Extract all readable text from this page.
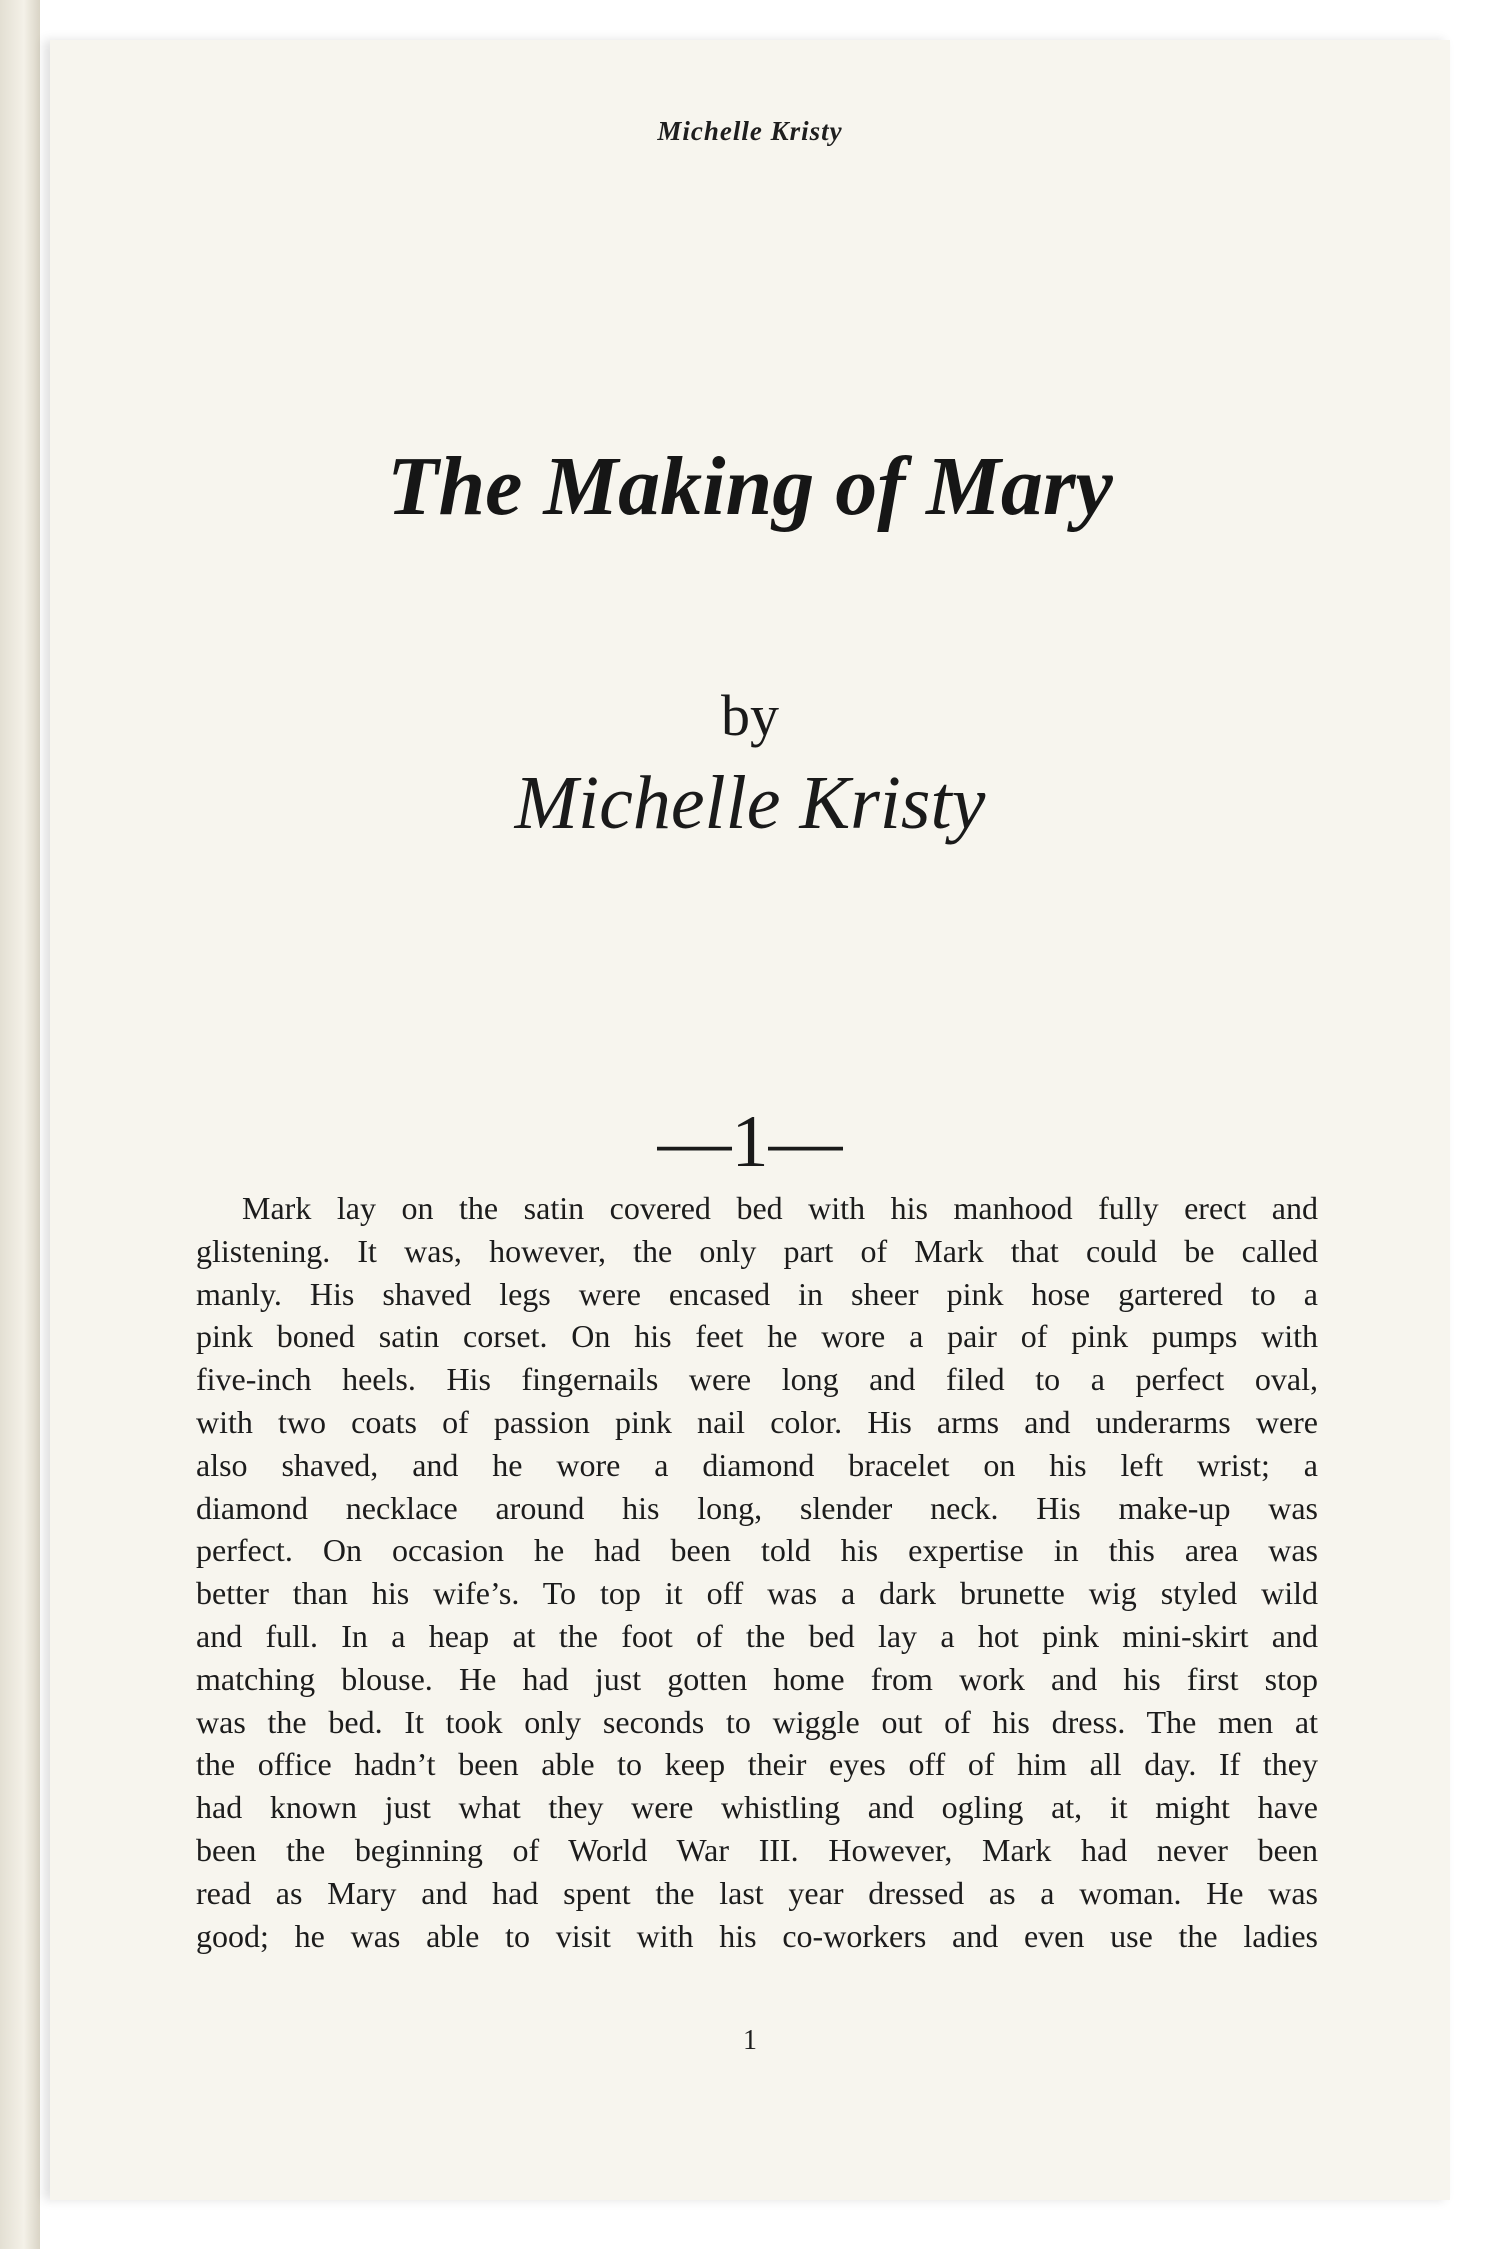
Michelle Kristy
The Making of Mary
by
Michelle Kristy
—1—
Mark lay on the satin covered bed with his manhood fully erect and
glistening. It was, however, the only part of Mark that could be called
manly. His shaved legs were encased in sheer pink hose gartered to a
pink boned satin corset. On his feet he wore a pair of pink pumps with
five-inch heels. His fingernails were long and filed to a perfect oval,
with two coats of passion pink nail color. His arms and underarms were
also shaved, and he wore a diamond bracelet on his left wrist; a
diamond necklace around his long, slender neck. His make-up was
perfect. On occasion he had been told his expertise in this area was
better than his wife’s. To top it off was a dark brunette wig styled wild
and full. In a heap at the foot of the bed lay a hot pink mini-skirt and
matching blouse. He had just gotten home from work and his first stop
was the bed. It took only seconds to wiggle out of his dress. The men at
the office hadn’t been able to keep their eyes off of him all day. If they
had known just what they were whistling and ogling at, it might have
been the beginning of World War III. However, Mark had never been
read as Mary and had spent the last year dressed as a woman. He was
good; he was able to visit with his co-workers and even use the ladies
1
